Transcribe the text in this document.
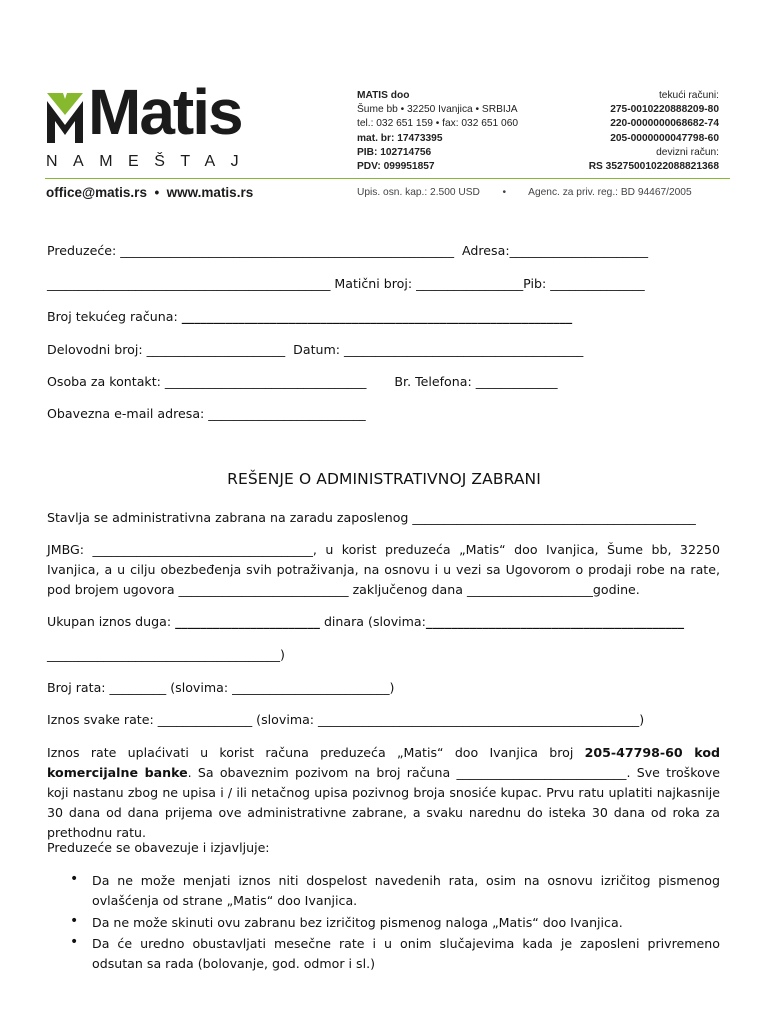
Matis
NAMEŠTAJ
office@matis.rs  •  www.matis.rs
MATIS doo
Šume bb • 32250 Ivanjica • SRBIJA
tel.: 032 651 159 • fax: 032 651 060
mat. br: 17473395
PIB: 102714756
PDV: 099951857
tekući računi:
275-0010220888209-80
220-0000000068682-74
205-0000000047798-60
devizni račun:
RS 35275001022088821368
Upis. osn. kap.: 2.500 USD        •        Agenc. za priv. reg.: BD 94467/2005
Preduzeće: _____________________________________________________  Adresa:______________________
_____________________________________________ Matični broj: _________________Pib: _______________
Broj tekućeg računa: ______________________________________________________________
Delovodni broj: ______________________  Datum: ______________________________________
Osoba za kontakt: ________________________________       Br. Telefona: _____________
Obavezna e-mail adresa: _________________________
REŠENJE O ADMINISTRATIVNOJ ZABRANI
Stavlja se administrativna zabrana na zaradu zaposlenog _____________________________________________
JMBG: ___________________________________, u korist preduzeća „Matis“ doo Ivanjica, Šume bb, 32250 Ivanjica, a u cilju obezbeđenja svih potraživanja, na osnovu i u vezi sa Ugovorom o prodaji robe na rate, pod brojem ugovora ___________________________ zaključenog dana ____________________godine.
Ukupan iznos duga: _______________________ dinara (slovima:_________________________________________
_____________________________________)
Broj rata: _________ (slovima: _________________________)
Iznos svake rate: _______________ (slovima: ___________________________________________________)
Iznos rate uplaćivati u korist računa preduzeća „Matis“ doo Ivanjica broj 205-47798-60 kod komercijalne banke. Sa obaveznim pozivom na broj računa ___________________________. Sve troškove koji nastanu zbog ne upisa i / ili netačnog upisa pozivnog broja snosiće kupac. Prvu ratu uplatiti najkasnije 30 dana od dana prijema ove administrativne zabrane, a svaku narednu do isteka 30 dana od roka za prethodnu ratu.
Preduzeće se obavezuje i izjavljuje:
• Da ne može menjati iznos niti dospelost navedenih rata, osim na osnovu izričitog pismenog ovlašćenja od strane „Matis“ doo Ivanjica.
• Da ne može skinuti ovu zabranu bez izričitog pismenog naloga „Matis“ doo Ivanjica.
• Da će uredno obustavljati mesečne rate i u onim slučajevima kada je zaposleni privremeno odsutan sa rada (bolovanje, god. odmor i sl.)
